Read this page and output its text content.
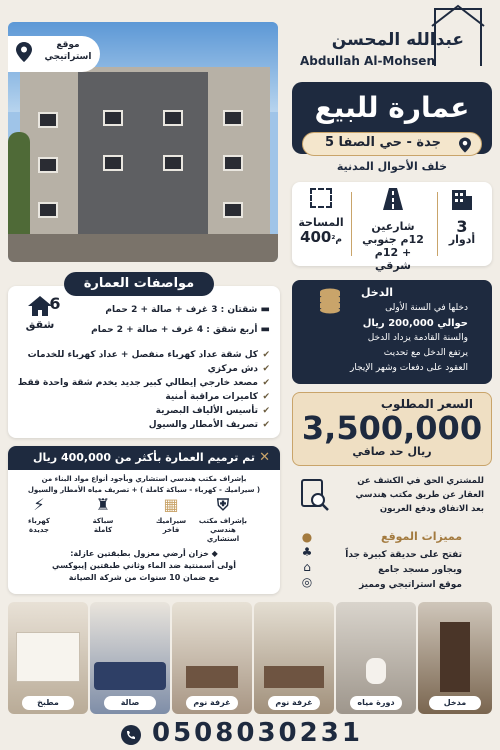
موقع
استراتيجي
عبدالله المحسن
Abdullah Al-Mohsen
عمارة للبيع
جدة - حي الصفا 5
خلف الأحوال المدنية
3
أدوار
شارعين
12م جنوبي
+ 12م شرقي
المساحة
400م²
6
شقق
▬ شقتان : 3 غرف + صالة + 2 حمام
▬ أربع شقق : 4 غرف + صالة + 2 حمام
✔كل شقة عداد كهرباء منفصل + عداد كهرباء للخدمات
✔دش مركزي
✔مصعد خارجي إيطالي كبير جديد يخدم شقة واحدة فقط
✔كاميرات مراقبة أمنية
✔تأسيس الألياف البصرية
✔تصريف الأمطار والسيول
مواصفات العمارة
الدخل
دخلها في السنة الأولى
حوالي 200,000 ريال
والسنة القادمة يزداد الدخل
يرتفع الدخل مع تحديث
العقود على دفعات وشهر الإيجار
السعر المطلوب
3,500,000
ريال حد صافي
للمشتري الحق في الكشف عن
العقار عن طريق مكتب هندسي
بعد الاتفاق ودفع العربون
مميزات الموقع
تفتح على حديقة كبيرة جداً
ويجاور مسجد جامع
موقع استراتيجي ومميز
●
♣
⌂
◎
بإشراف مكتب هندسي استشاري وبأجود أنواع مواد البناء من
( سيراميك - كهرباء - سباكة كاملة ) + تصريف مياه الأمطار والسيول
◆ خزان أرضي معزول بطبقتين عازلة:
أولى أسمنتية ضد الماء وثاني طبقتين إيبوكسي
مع ضمان 10 سنوات من شركة الصيانة
تم ترميم العمارة بأكثر من 400,000 ريال ✕
⛨
بإشراف مكتب
هندسي استشاري
▦
سيراميك
فاخر
♜
سباكة
كاملة
⚡
كهرباء
جديدة
مطبخ	صالة	غرفة نوم	غرفة نوم	دورة مياه	مدخل
0508030231
